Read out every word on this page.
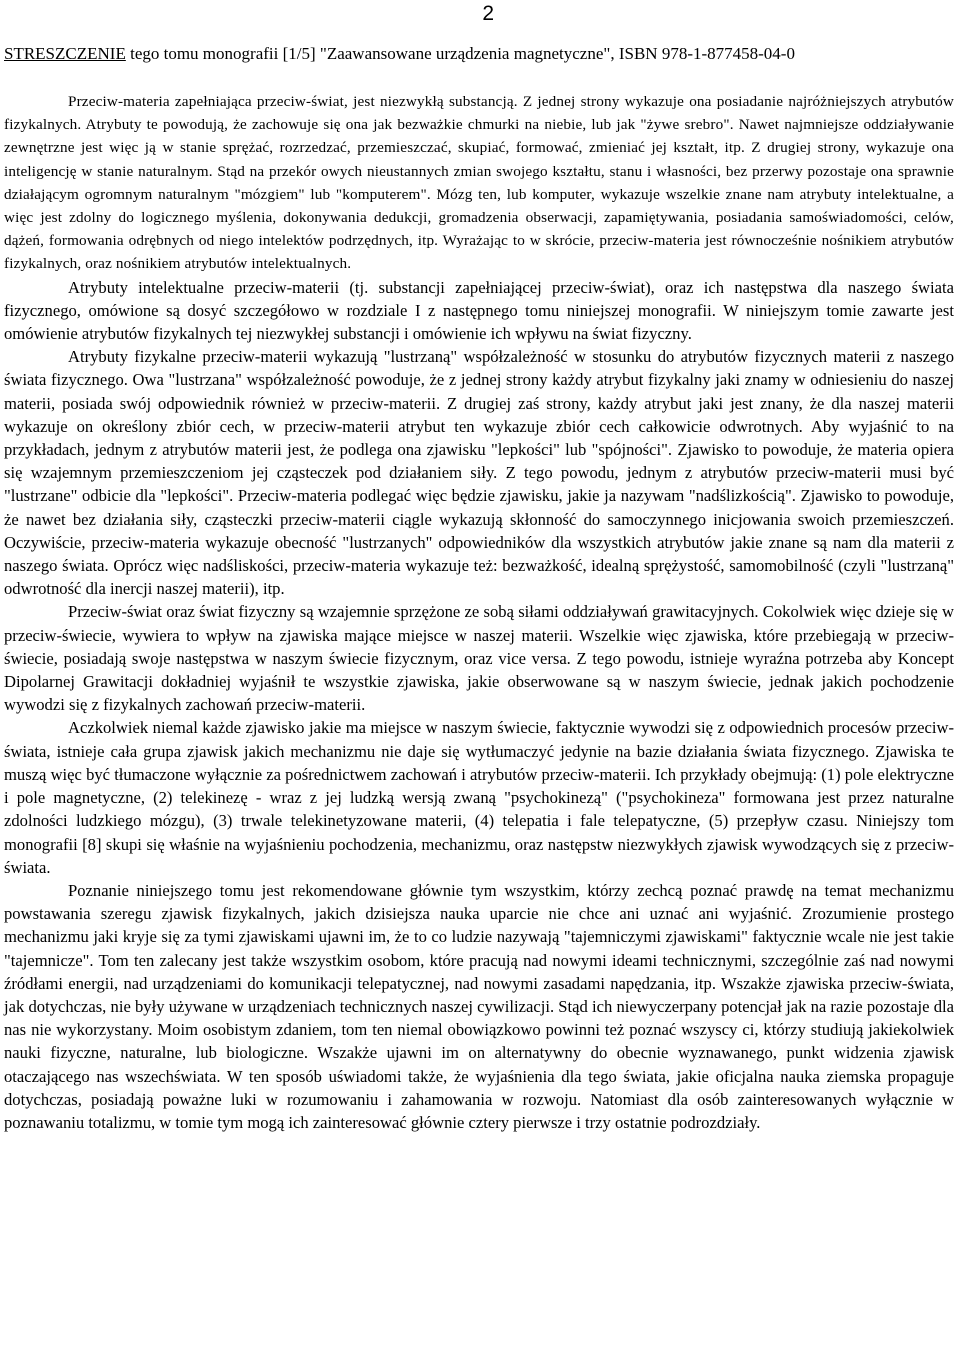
2
STRESZCZENIE tego tomu monografii [1/5] "Zaawansowane urządzenia magnetyczne", ISBN 978-1-877458-04-0

Przeciw-materia zapełniająca przeciw-świat, jest niezwykłą substancją. Z jednej strony wykazuje ona posiadanie najróżniejszych atrybutów fizykalnych. Atrybuty te powodują, że zachowuje się ona jak bezważkie chmurki na niebie, lub jak "żywe srebro". Nawet najmniejsze oddziaływanie zewnętrzne jest więc ją w stanie sprężać, rozrzedzać, przemieszczać, skupiać, formować, zmieniać jej kształt, itp. Z drugiej strony, wykazuje ona inteligencję w stanie naturalnym. Stąd na przekór owych nieustannych zmian swojego kształtu, stanu i własności, bez przerwy pozostaje ona sprawnie działającym ogromnym naturalnym "mózgiem" lub "komputerem". Mózg ten, lub komputer, wykazuje wszelkie znane nam atrybuty intelektualne, a więc jest zdolny do logicznego myślenia, dokonywania dedukcji, gromadzenia obserwacji, zapamiętywania, posiadania samoświadomości, celów, dążeń, formowania odrębnych od niego intelektów podrzędnych, itp. Wyrażając to w skrócie, przeciw-materia jest równocześnie nośnikiem atrybutów fizykalnych, oraz nośnikiem atrybutów intelektualnych.

Atrybuty intelektualne przeciw-materii (tj. substancji zapełniającej przeciw-świat), oraz ich następstwa dla naszego świata fizycznego, omówione są dosyć szczegółowo w rozdziale I z następnego tomu niniejszej monografii. W niniejszym tomie zawarte jest omówienie atrybutów fizykalnych tej niezwykłej substancji i omówienie ich wpływu na świat fizyczny.

Atrybuty fizykalne przeciw-materii wykazują "lustrzaną" współzależność w stosunku do atrybutów fizycznych materii z naszego świata fizycznego. Owa "lustrzana" współzależność powoduje, że z jednej strony każdy atrybut fizykalny jaki znamy w odniesieniu do naszej materii, posiada swój odpowiednik również w przeciw-materii. Z drugiej zaś strony, każdy atrybut jaki jest znany, że dla naszej materii wykazuje on określony zbiór cech, w przeciw-materii atrybut ten wykazuje zbiór cech całkowicie odwrotnych. Aby wyjaśnić to na przykładach, jednym z atrybutów materii jest, że podlega ona zjawisku "lepkości" lub "spójności". Zjawisko to powoduje, że materia opiera się wzajemnym przemieszczeniom jej cząsteczek pod działaniem siły. Z tego powodu, jednym z atrybutów przeciw-materii musi być "lustrzane" odbicie dla "lepkości". Przeciw-materia podlegać więc będzie zjawisku, jakie ja nazywam "nadślizkością". Zjawisko to powoduje, że nawet bez działania siły, cząsteczki przeciw-materii ciągle wykazują skłonność do samoczynnego inicjowania swoich przemieszczeń. Oczywiście, przeciw-materia wykazuje obecność "lustrzanych" odpowiedników dla wszystkich atrybutów jakie znane są nam dla materii z naszego świata. Oprócz więc nadśliskości, przeciw-materia wykazuje też: bezważkość, idealną sprężystość, samomobilność (czyli "lustrzaną" odwrotność dla inercji naszej materii), itp.

Przeciw-świat oraz świat fizyczny są wzajemnie sprzężone ze sobą siłami oddziaływań grawitacyjnych. Cokolwiek więc dzieje się w przeciw-świecie, wywiera to wpływ na zjawiska mające miejsce w naszej materii. Wszelkie więc zjawiska, które przebiegają w przeciw-świecie, posiadają swoje następstwa w naszym świecie fizycznym, oraz vice versa. Z tego powodu, istnieje wyraźna potrzeba aby Koncept Dipolarnej Grawitacji dokładniej wyjaśnił te wszystkie zjawiska, jakie obserwowane są w naszym świecie, jednak jakich pochodzenie wywodzi się z fizykalnych zachowań przeciw-materii.

Aczkolwiek niemal każde zjawisko jakie ma miejsce w naszym świecie, faktycznie wywodzi się z odpowiednich procesów przeciw-świata, istnieje cała grupa zjawisk jakich mechanizmu nie daje się wytłumaczyć jedynie na bazie działania świata fizycznego. Zjawiska te muszą więc być tłumaczone wyłącznie za pośrednictwem zachowań i atrybutów przeciw-materii. Ich przykłady obejmują: (1) pole elektryczne i pole magnetyczne, (2) telekinezę - wraz z jej ludzką wersją zwaną "psychokinezą" ("psychokineza" formowana jest przez naturalne zdolności ludzkiego mózgu), (3) trwale telekinetyzowane materii, (4) telepatia i fale telepatyczne, (5) przepływ czasu. Niniejszy tom monografii [8] skupi się właśnie na wyjaśnieniu pochodzenia, mechanizmu, oraz następstw niezwykłych zjawisk wywodzących się z przeciw-świata.

Poznanie niniejszego tomu jest rekomendowane głównie tym wszystkim, którzy zechcą poznać prawdę na temat mechanizmu powstawania szeregu zjawisk fizykalnych, jakich dzisiejsza nauka uparcie nie chce ani uznać ani wyjaśnić. Zrozumienie prostego mechanizmu jaki kryje się za tymi zjawiskami ujawni im, że to co ludzie nazywają "tajemniczymi zjawiskami" faktycznie wcale nie jest takie "tajemnicze". Tom ten zalecany jest także wszystkim osobom, które pracują nad nowymi ideami technicznymi, szczególnie zaś nad nowymi źródłami energii, nad urządzeniami do komunikacji telepatycznej, nad nowymi zasadami napędzania, itp. Wszakże zjawiska przeciw-świata, jak dotychczas, nie były używane w urządzeniach technicznych naszej cywilizacji. Stąd ich niewyczerpany potencjał jak na razie pozostaje dla nas nie wykorzystany. Moim osobistym zdaniem, tom ten niemal obowiązkowo powinni też poznać wszyscy ci, którzy studiują jakiekolwiek nauki fizyczne, naturalne, lub biologiczne. Wszakże ujawni im on alternatywny do obecnie wyznawanego, punkt widzenia zjawisk otaczającego nas wszechświata. W ten sposób uświadomi także, że wyjaśnienia dla tego świata, jakie oficjalna nauka ziemska propaguje dotychczas, posiadają poważne luki w rozumowaniu i zahamowania w rozwoju. Natomiast dla osób zainteresowanych wyłącznie w poznawaniu totalizmu, w tomie tym mogą ich zainteresować głównie cztery pierwsze i trzy ostatnie podrozdziały.
